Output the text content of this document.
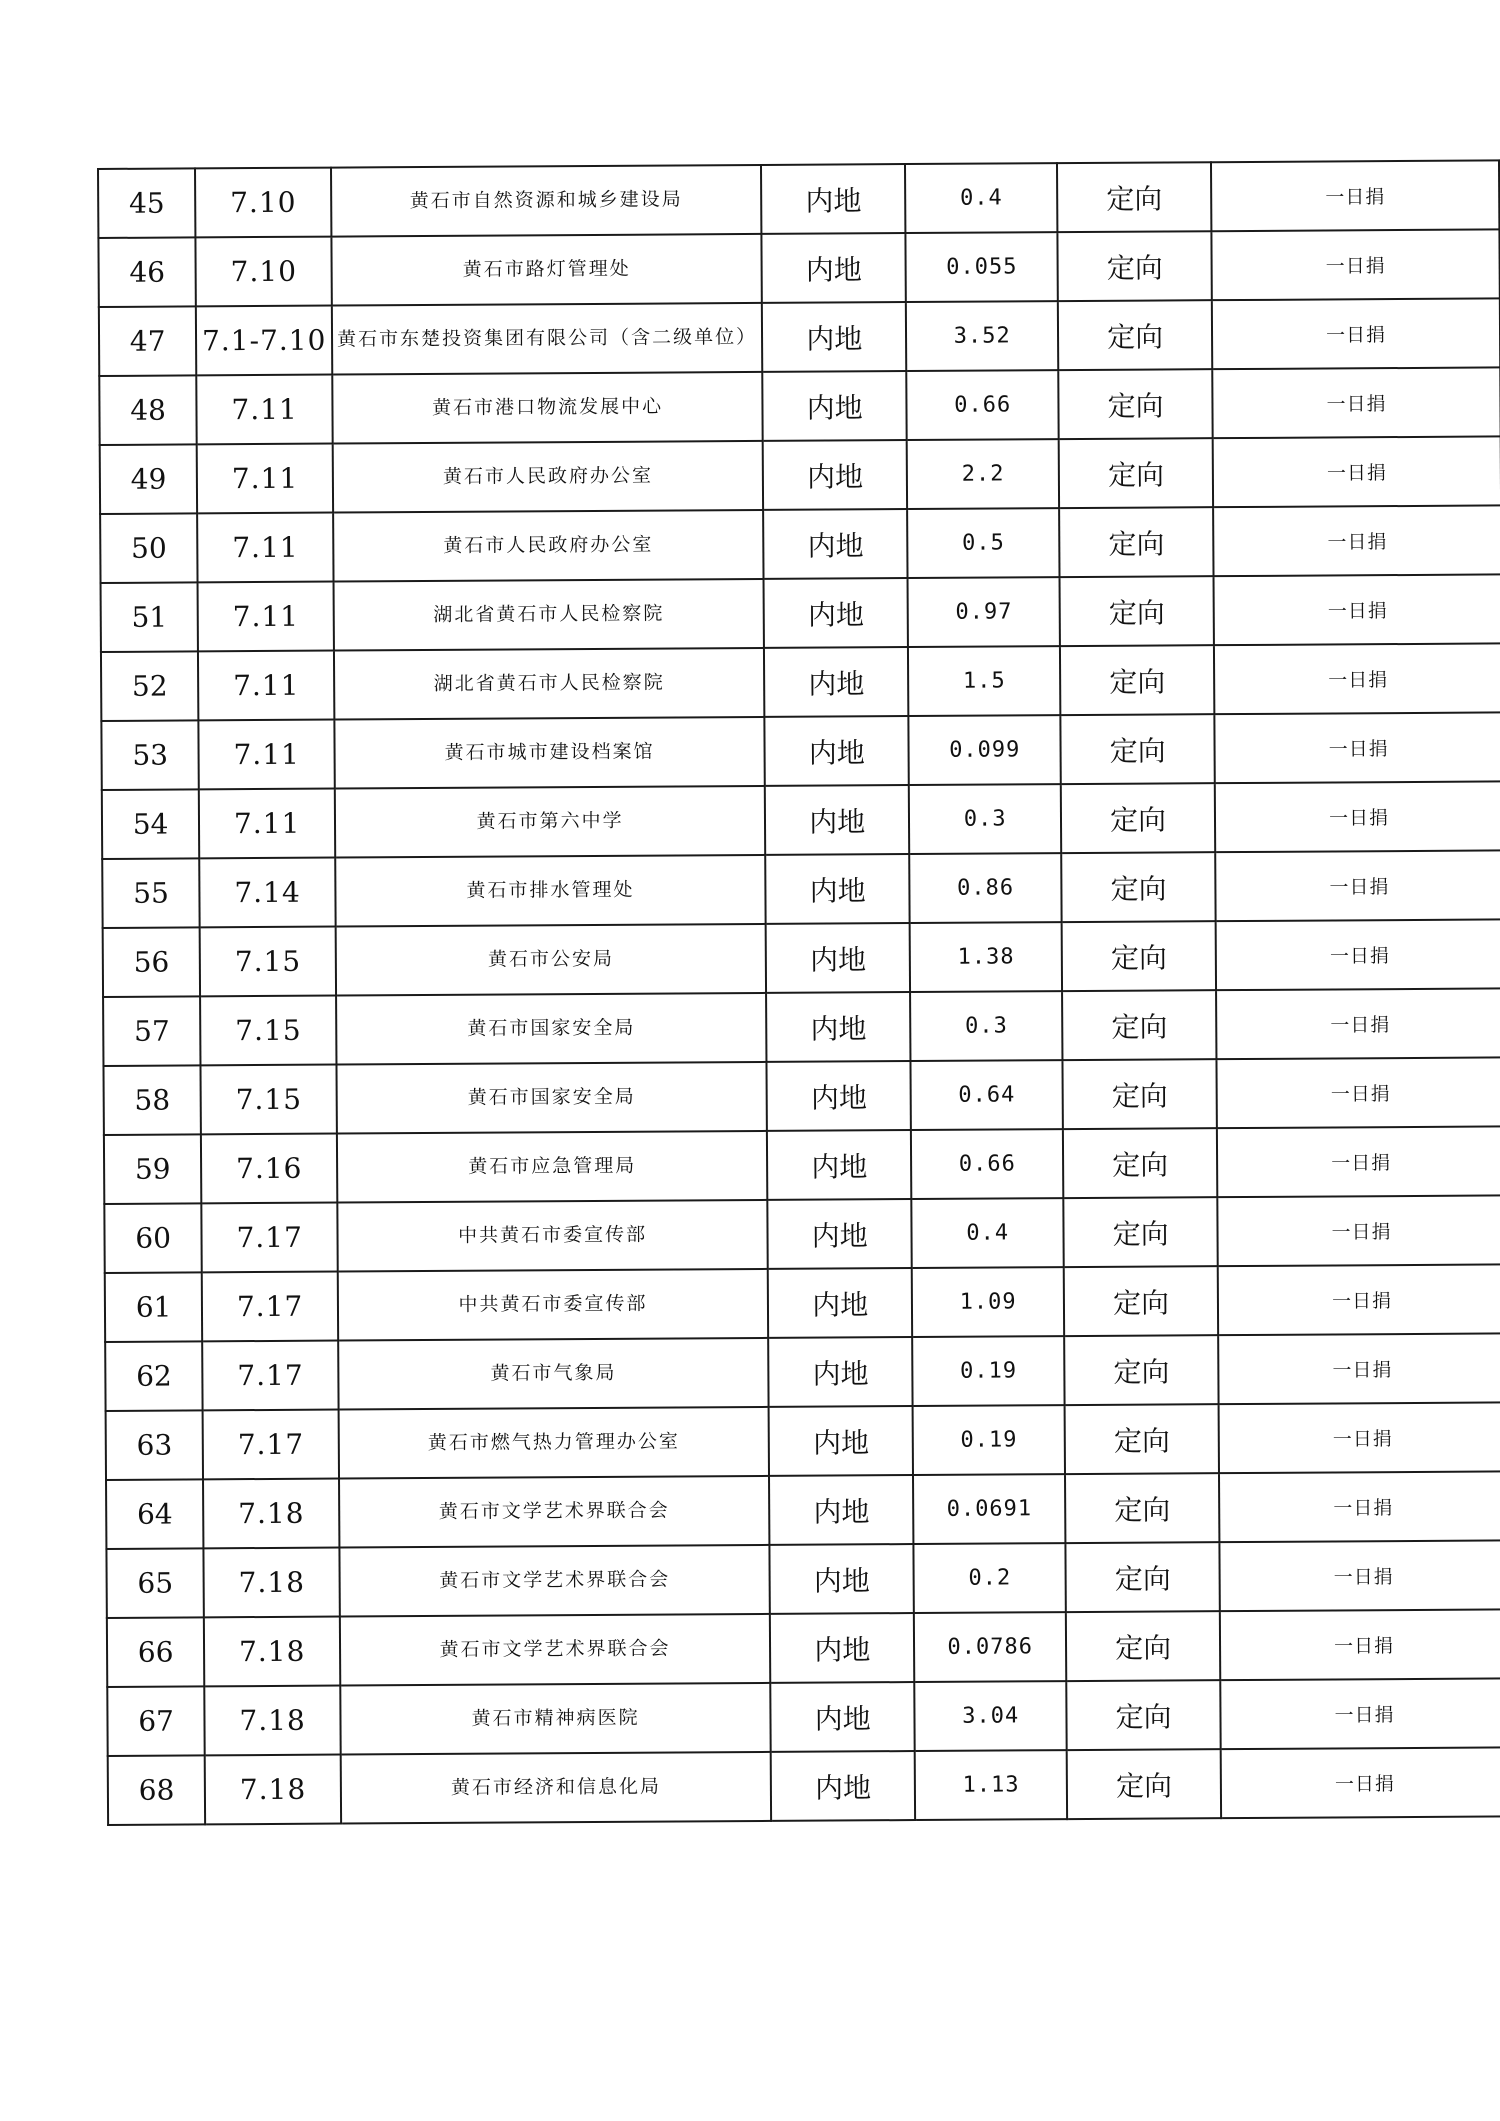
45	7.10	黄石市自然资源和城乡建设局	内地	0.4	定向	一日捐
46	7.10	黄石市路灯管理处	内地	0.055	定向	一日捐
47	7.1-7.10	黄石市东楚投资集团有限公司（含二级单位）	内地	3.52	定向	一日捐
48	7.11	黄石市港口物流发展中心	内地	0.66	定向	一日捐
49	7.11	黄石市人民政府办公室	内地	2.2	定向	一日捐
50	7.11	黄石市人民政府办公室	内地	0.5	定向	一日捐
51	7.11	湖北省黄石市人民检察院	内地	0.97	定向	一日捐
52	7.11	湖北省黄石市人民检察院	内地	1.5	定向	一日捐
53	7.11	黄石市城市建设档案馆	内地	0.099	定向	一日捐
54	7.11	黄石市第六中学	内地	0.3	定向	一日捐
55	7.14	黄石市排水管理处	内地	0.86	定向	一日捐
56	7.15	黄石市公安局	内地	1.38	定向	一日捐
57	7.15	黄石市国家安全局	内地	0.3	定向	一日捐
58	7.15	黄石市国家安全局	内地	0.64	定向	一日捐
59	7.16	黄石市应急管理局	内地	0.66	定向	一日捐
60	7.17	中共黄石市委宣传部	内地	0.4	定向	一日捐
61	7.17	中共黄石市委宣传部	内地	1.09	定向	一日捐
62	7.17	黄石市气象局	内地	0.19	定向	一日捐
63	7.17	黄石市燃气热力管理办公室	内地	0.19	定向	一日捐
64	7.18	黄石市文学艺术界联合会	内地	0.0691	定向	一日捐
65	7.18	黄石市文学艺术界联合会	内地	0.2	定向	一日捐
66	7.18	黄石市文学艺术界联合会	内地	0.0786	定向	一日捐
67	7.18	黄石市精神病医院	内地	3.04	定向	一日捐
68	7.18	黄石市经济和信息化局	内地	1.13	定向	一日捐
